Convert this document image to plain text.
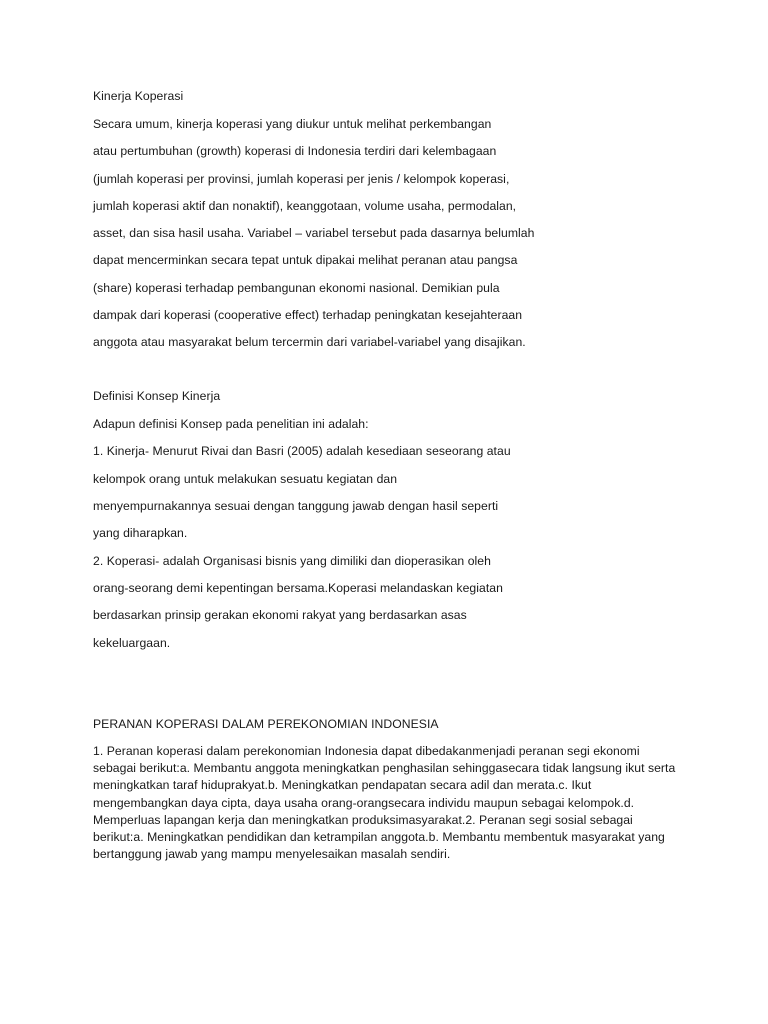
Kinerja Koperasi
Secara umum, kinerja koperasi yang diukur untuk melihat perkembangan
atau pertumbuhan (growth) koperasi di Indonesia terdiri dari kelembagaan
(jumlah koperasi per provinsi, jumlah koperasi per jenis / kelompok koperasi,
jumlah koperasi aktif dan nonaktif), keanggotaan, volume usaha, permodalan,
asset, dan sisa hasil usaha. Variabel – variabel tersebut pada dasarnya belumlah
dapat mencerminkan secara tepat untuk dipakai melihat peranan atau pangsa
(share) koperasi terhadap pembangunan ekonomi nasional. Demikian pula
dampak dari koperasi (cooperative effect) terhadap peningkatan kesejahteraan
anggota atau masyarakat belum tercermin dari variabel-variabel yang disajikan.
Definisi Konsep Kinerja
Adapun definisi Konsep pada penelitian ini adalah:
1. Kinerja- Menurut Rivai dan Basri (2005) adalah kesediaan seseorang atau
kelompok orang untuk melakukan sesuatu kegiatan dan
menyempurnakannya sesuai dengan tanggung jawab dengan hasil seperti
yang diharapkan.
2. Koperasi- adalah Organisasi bisnis yang dimiliki dan dioperasikan oleh
orang-seorang demi kepentingan bersama.Koperasi melandaskan kegiatan
berdasarkan prinsip gerakan ekonomi rakyat yang berdasarkan asas
kekeluargaan.
PERANAN KOPERASI DALAM PEREKONOMIAN INDONESIA
1. Peranan koperasi dalam perekonomian Indonesia dapat dibedakanmenjadi peranan segi ekonomi sebagai berikut:a. Membantu anggota meningkatkan penghasilan sehinggasecara tidak langsung ikut serta meningkatkan taraf hiduprakyat.b. Meningkatkan pendapatan secara adil dan merata.c. Ikut mengembangkan daya cipta, daya usaha orang-orangsecara individu maupun sebagai kelompok.d. Memperluas lapangan kerja dan meningkatkan produksimasyarakat.2. Peranan segi sosial sebagai berikut:a. Meningkatkan pendidikan dan ketrampilan anggota.b. Membantu membentuk masyarakat yang bertanggung jawab yang mampu menyelesaikan masalah sendiri.
